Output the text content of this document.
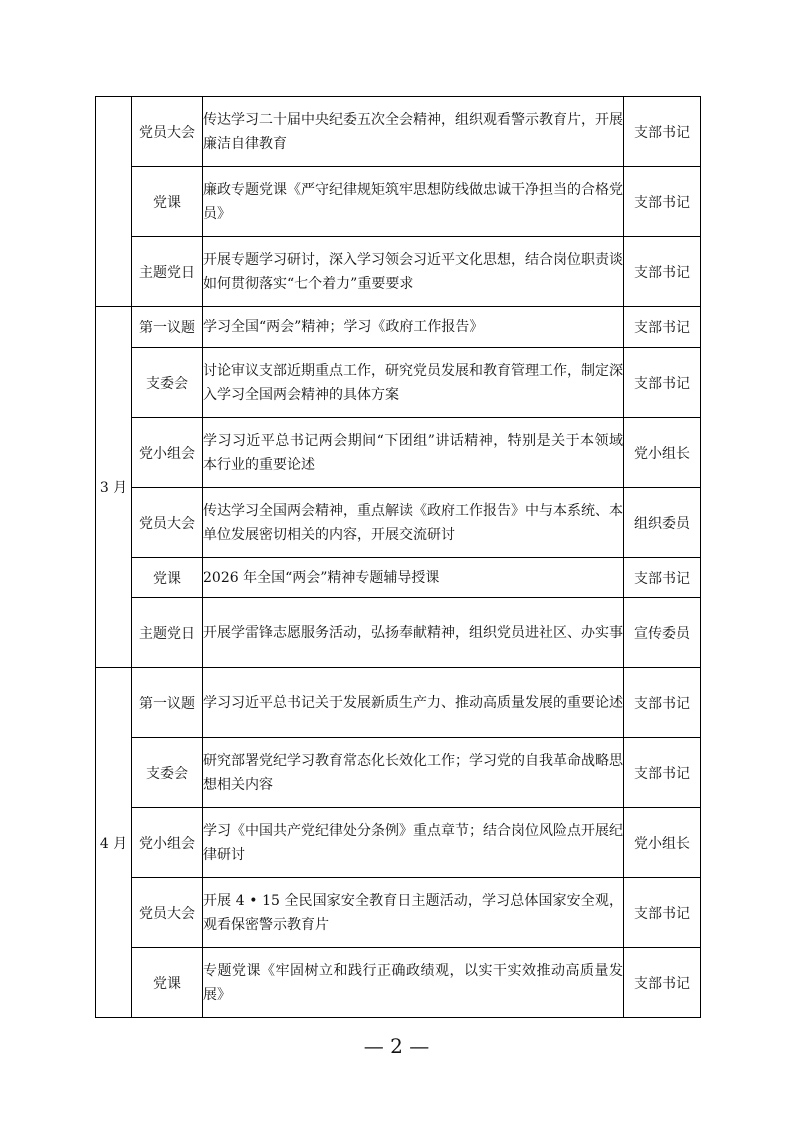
	党员大会	传达学习二十届中央纪委五次全会精神，组织观看警示教育片，开展廉洁自律教育	支部书记
	党课	廉政专题党课《严守纪律规矩筑牢思想防线做忠诚干净担当的合格党员》	支部书记
	主题党日	开展专题学习研讨，深入学习领会习近平文化思想，结合岗位职责谈如何贯彻落实“七个着力”重要要求	支部书记
3 月	第一议题	学习全国“两会”精神；学习《政府工作报告》	支部书记
	支委会	讨论审议支部近期重点工作，研究党员发展和教育管理工作，制定深入学习全国两会精神的具体方案	支部书记
	党小组会	学习习近平总书记两会期间“下团组”讲话精神，特别是关于本领域本行业的重要论述	党小组长
	党员大会	传达学习全国两会精神，重点解读《政府工作报告》中与本系统、本单位发展密切相关的内容，开展交流研讨	组织委员
	党课	2026 年全国“两会”精神专题辅导授课	支部书记
	主题党日	开展学雷锋志愿服务活动，弘扬奉献精神，组织党员进社区、办实事	宣传委员
4 月	第一议题	学习习近平总书记关于发展新质生产力、推动高质量发展的重要论述	支部书记
	支委会	研究部署党纪学习教育常态化长效化工作；学习党的自我革命战略思想相关内容	支部书记
	党小组会	学习《中国共产党纪律处分条例》重点章节；结合岗位风险点开展纪律研讨	党小组长
	党员大会	开展 4 • 15 全民国家安全教育日主题活动，学习总体国家安全观，观看保密警示教育片	支部书记
	党课	专题党课《牢固树立和践行正确政绩观，以实干实效推动高质量发展》	支部书记
— 2 —
